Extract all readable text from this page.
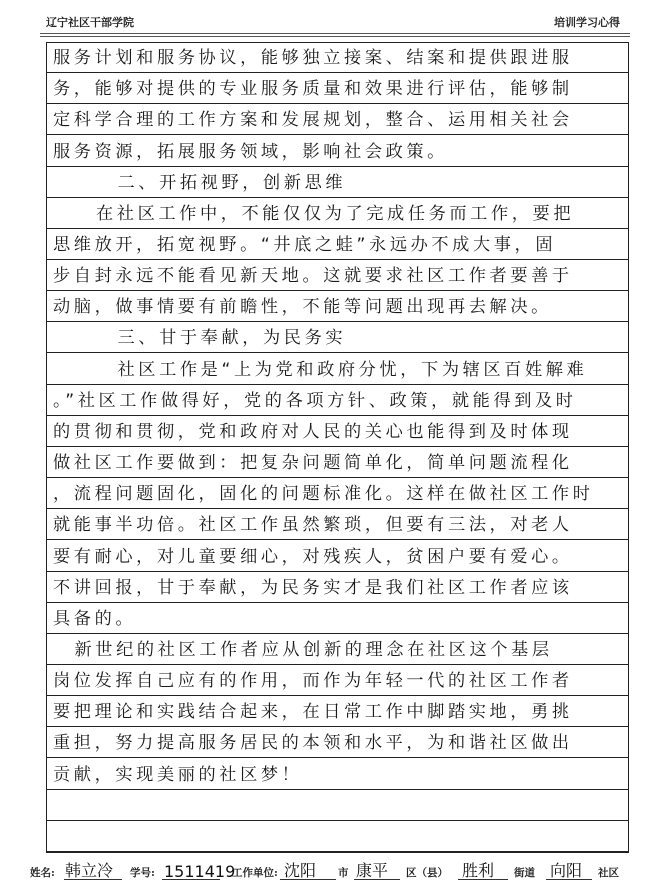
辽宁社区干部学院	培训学习心得
服务计划和服务协议，能够独立接案、结案和提供跟进服
务，能够对提供的专业服务质量和效果进行评估，能够制
定科学合理的工作方案和发展规划，整合、运用相关社会
服务资源，拓展服务领域，影响社会政策。
二、开拓视野，创新思维
在社区工作中，不能仅仅为了完成任务而工作，要把
思维放开，拓宽视野。“井底之蛙”永远办不成大事，固
步自封永远不能看见新天地。这就要求社区工作者要善于
动脑，做事情要有前瞻性，不能等问题出现再去解决。
三、甘于奉献，为民务实
社区工作是“上为党和政府分忧，下为辖区百姓解难
。”社区工作做得好，党的各项方针、政策，就能得到及时
的贯彻和贯彻，党和政府对人民的关心也能得到及时体现
做社区工作要做到：把复杂问题简单化，简单问题流程化
，流程问题固化，固化的问题标准化。这样在做社区工作时
就能事半功倍。社区工作虽然繁琐，但要有三法，对老人
要有耐心，对儿童要细心，对残疾人，贫困户要有爱心。
不讲回报，甘于奉献，为民务实才是我们社区工作者应该
具备的。
新世纪的社区工作者应从创新的理念在社区这个基层
岗位发挥自己应有的作用，而作为年轻一代的社区工作者
要把理论和实践结合起来，在日常工作中脚踏实地，勇挑
重担，努力提高服务居民的本领和水平，为和谐社区做出
贡献，实现美丽的社区梦！
姓名: 韩立冷 学号: 1511419
工作单位: 沈阳 市 康平 区（县） 胜利 街道 向阳 社区
